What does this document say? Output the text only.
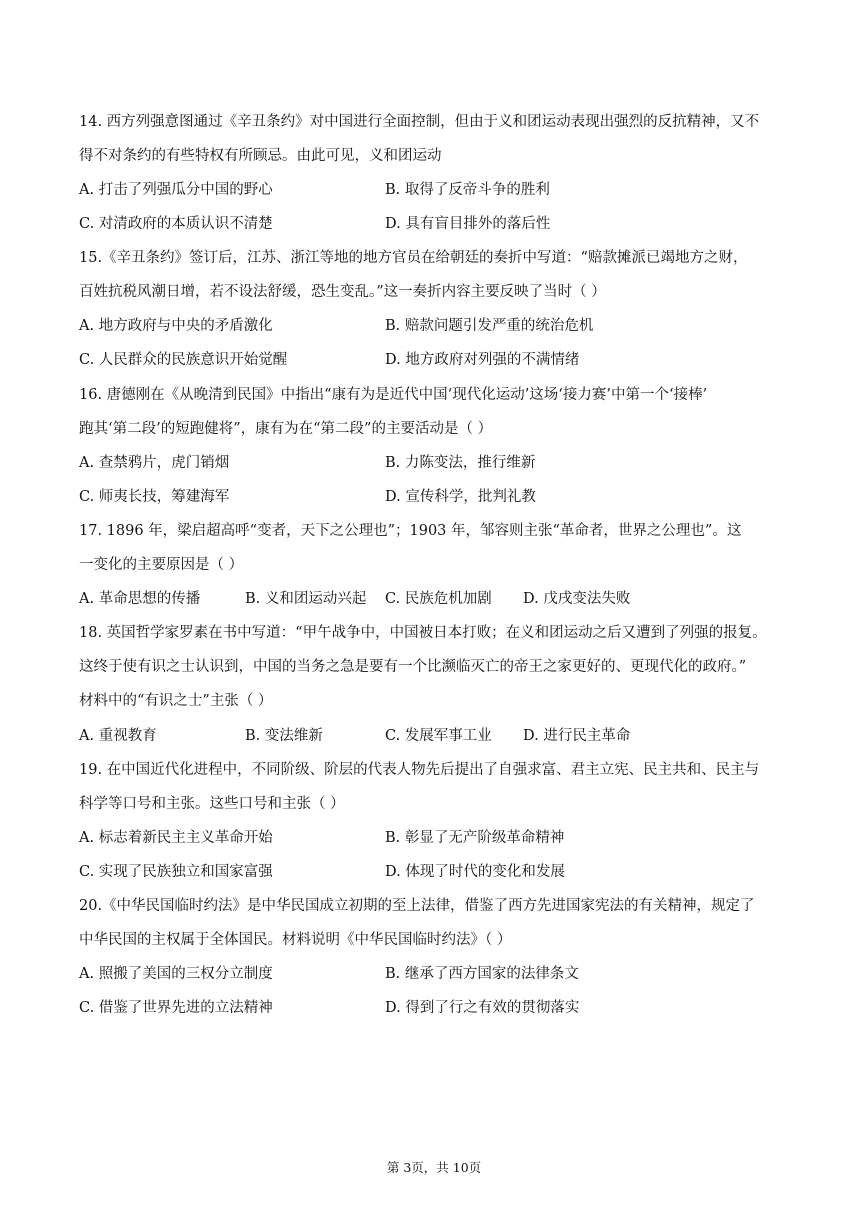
14. 西方列强意图通过《辛丑条约》对中国进行全面控制，但由于义和团运动表现出强烈的反抗精神，又不
得不对条约的有些特权有所顾忌。由此可见，义和团运动
A. 打击了列强瓜分中国的野心	B. 取得了反帝斗争的胜利
C. 对清政府的本质认识不清楚	D. 具有盲目排外的落后性
15.《辛丑条约》签订后，江苏、浙江等地的地方官员在给朝廷的奏折中写道：“赔款摊派已竭地方之财，
百姓抗税风潮日增，若不设法舒缓，恐生变乱。”这一奏折内容主要反映了当时（ ）
A. 地方政府与中央的矛盾激化	B. 赔款问题引发严重的统治危机
C. 人民群众的民族意识开始觉醒	D. 地方政府对列强的不满情绪
16. 唐德刚在《从晚清到民国》中指出“康有为是近代中国‘现代化运动’这场‘接力赛’中第一个‘接棒’
跑其‘第二段’的短跑健将”，康有为在“第二段”的主要活动是（ ）
A. 查禁鸦片，虎门销烟	B. 力陈变法，推行维新
C. 师夷长技，筹建海军	D. 宣传科学，批判礼教
17. 1896 年，梁启超高呼“变者，天下之公理也”；1903 年，邹容则主张“革命者，世界之公理也”。这
一变化的主要原因是（ ）
A. 革命思想的传播	B. 义和团运动兴起 C. 民族危机加剧 D. 戊戌变法失败
18. 英国哲学家罗素在书中写道：“甲午战争中，中国被日本打败；在义和团运动之后又遭到了列强的报复。
这终于使有识之士认识到，中国的当务之急是要有一个比濒临灭亡的帝王之家更好的、更现代化的政府。”
材料中的“有识之士”主张（ ）
A. 重视教育	B. 变法维新	C. 发展军事工业 D. 进行民主革命
19. 在中国近代化进程中，不同阶级、阶层的代表人物先后提出了自强求富、君主立宪、民主共和、民主与
科学等口号和主张。这些口号和主张（ ）
A. 标志着新民主主义革命开始	B. 彰显了无产阶级革命精神
C. 实现了民族独立和国家富强	D. 体现了时代的变化和发展
20.《中华民国临时约法》是中华民国成立初期的至上法律，借鉴了西方先进国家宪法的有关精神，规定了
中华民国的主权属于全体国民。材料说明《中华民国临时约法》（ ）
A. 照搬了美国的三权分立制度	B. 继承了西方国家的法律条文
C. 借鉴了世界先进的立法精神	D. 得到了行之有效的贯彻落实
第 3页，共 10页
